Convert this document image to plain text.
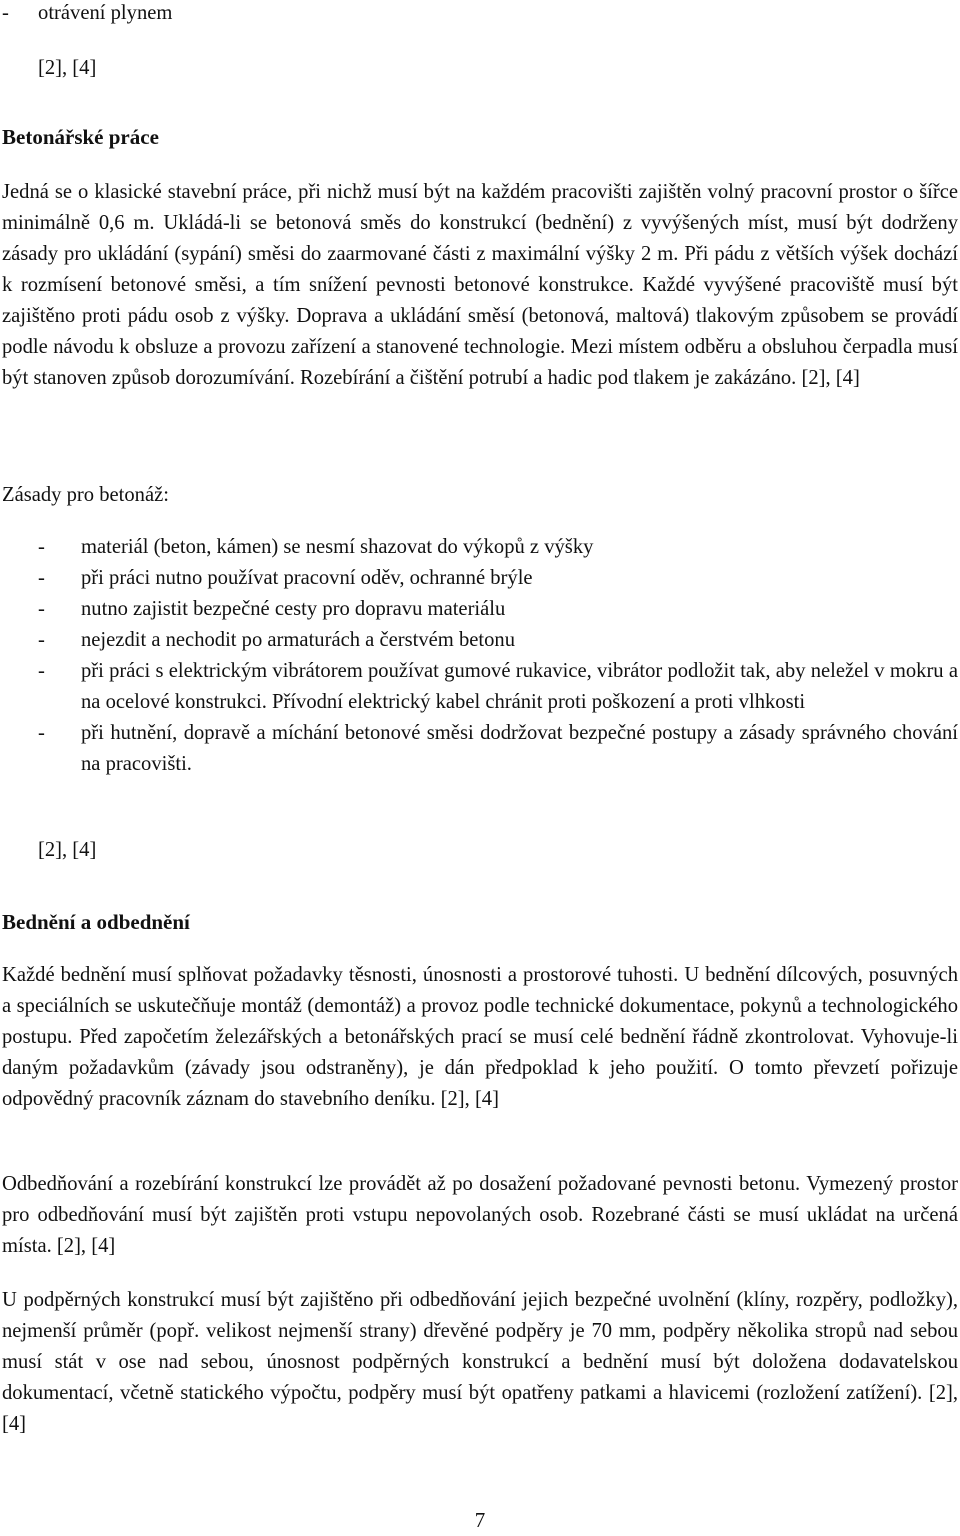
- otrávení plynem
[2], [4]
Betonářské práce

Jedná se o klasické stavební práce, při nichž musí být na každém pracovišti zajištěn volný pracovní prostor o šířce minimálně 0,6 m. Ukládá-li se betonová směs do konstrukcí (bednění) z vyvýšených míst, musí být dodrženy zásady pro ukládání (sypání) směsi do zaarmované části z maximální výšky 2 m. Při pádu z větších výšek dochází k rozmísení betonové směsi, a tím snížení pevnosti betonové konstrukce. Každé vyvýšené pracoviště musí být zajištěno proti pádu osob z výšky. Doprava a ukládání směsí (betonová, maltová) tlakovým způsobem se provádí podle návodu k obsluze a provozu zařízení a stanovené technologie. Mezi místem odběru a obsluhou čerpadla musí být stanoven způsob dorozumívání. Rozebírání a čištění potrubí a hadic pod tlakem je zakázáno. [2], [4]

Zásady pro betonáž:
- materiál (beton, kámen) se nesmí shazovat do výkopů z výšky
- při práci nutno používat pracovní oděv, ochranné brýle
- nutno zajistit bezpečné cesty pro dopravu materiálu
- nejezdit a nechodit po armaturách a čerstvém betonu
- při práci s elektrickým vibrátorem používat gumové rukavice, vibrátor podložit tak, aby neležel v mokru a na ocelové konstrukci. Přívodní elektrický kabel chránit proti poškození a proti vlhkosti
- při hutnění, dopravě a míchání betonové směsi dodržovat bezpečné postupy a zásady správného chování na pracovišti.
[2], [4]
Bednění a odbednění

Každé bednění musí splňovat požadavky těsnosti, únosnosti a prostorové tuhosti. U bednění dílcových, posuvných a speciálních se uskutečňuje montáž (demontáž) a provoz podle technické dokumentace, pokynů a technologického postupu. Před započetím železářských a betonářských prací se musí celé bednění řádně zkontrolovat. Vyhovuje-li daným požadavkům (závady jsou odstraněny), je dán předpoklad k jeho použití. O tomto převzetí pořizuje odpovědný pracovník záznam do stavebního deníku. [2], [4]

Odbedňování a rozebírání konstrukcí lze provádět až po dosažení požadované pevnosti betonu. Vymezený prostor pro odbedňování musí být zajištěn proti vstupu nepovolaných osob. Rozebrané části se musí ukládat na určená místa. [2], [4]

U podpěrných konstrukcí musí být zajištěno při odbedňování jejich bezpečné uvolnění (klíny, rozpěry, podložky), nejmenší průměr (popř. velikost nejmenší strany) dřevěné podpěry je 70 mm, podpěry několika stropů nad sebou musí stát v ose nad sebou, únosnost podpěrných konstrukcí a bednění musí být doložena dodavatelskou dokumentací, včetně statického výpočtu, podpěry musí být opatřeny patkami a hlavicemi (rozložení zatížení). [2], [4]

7
